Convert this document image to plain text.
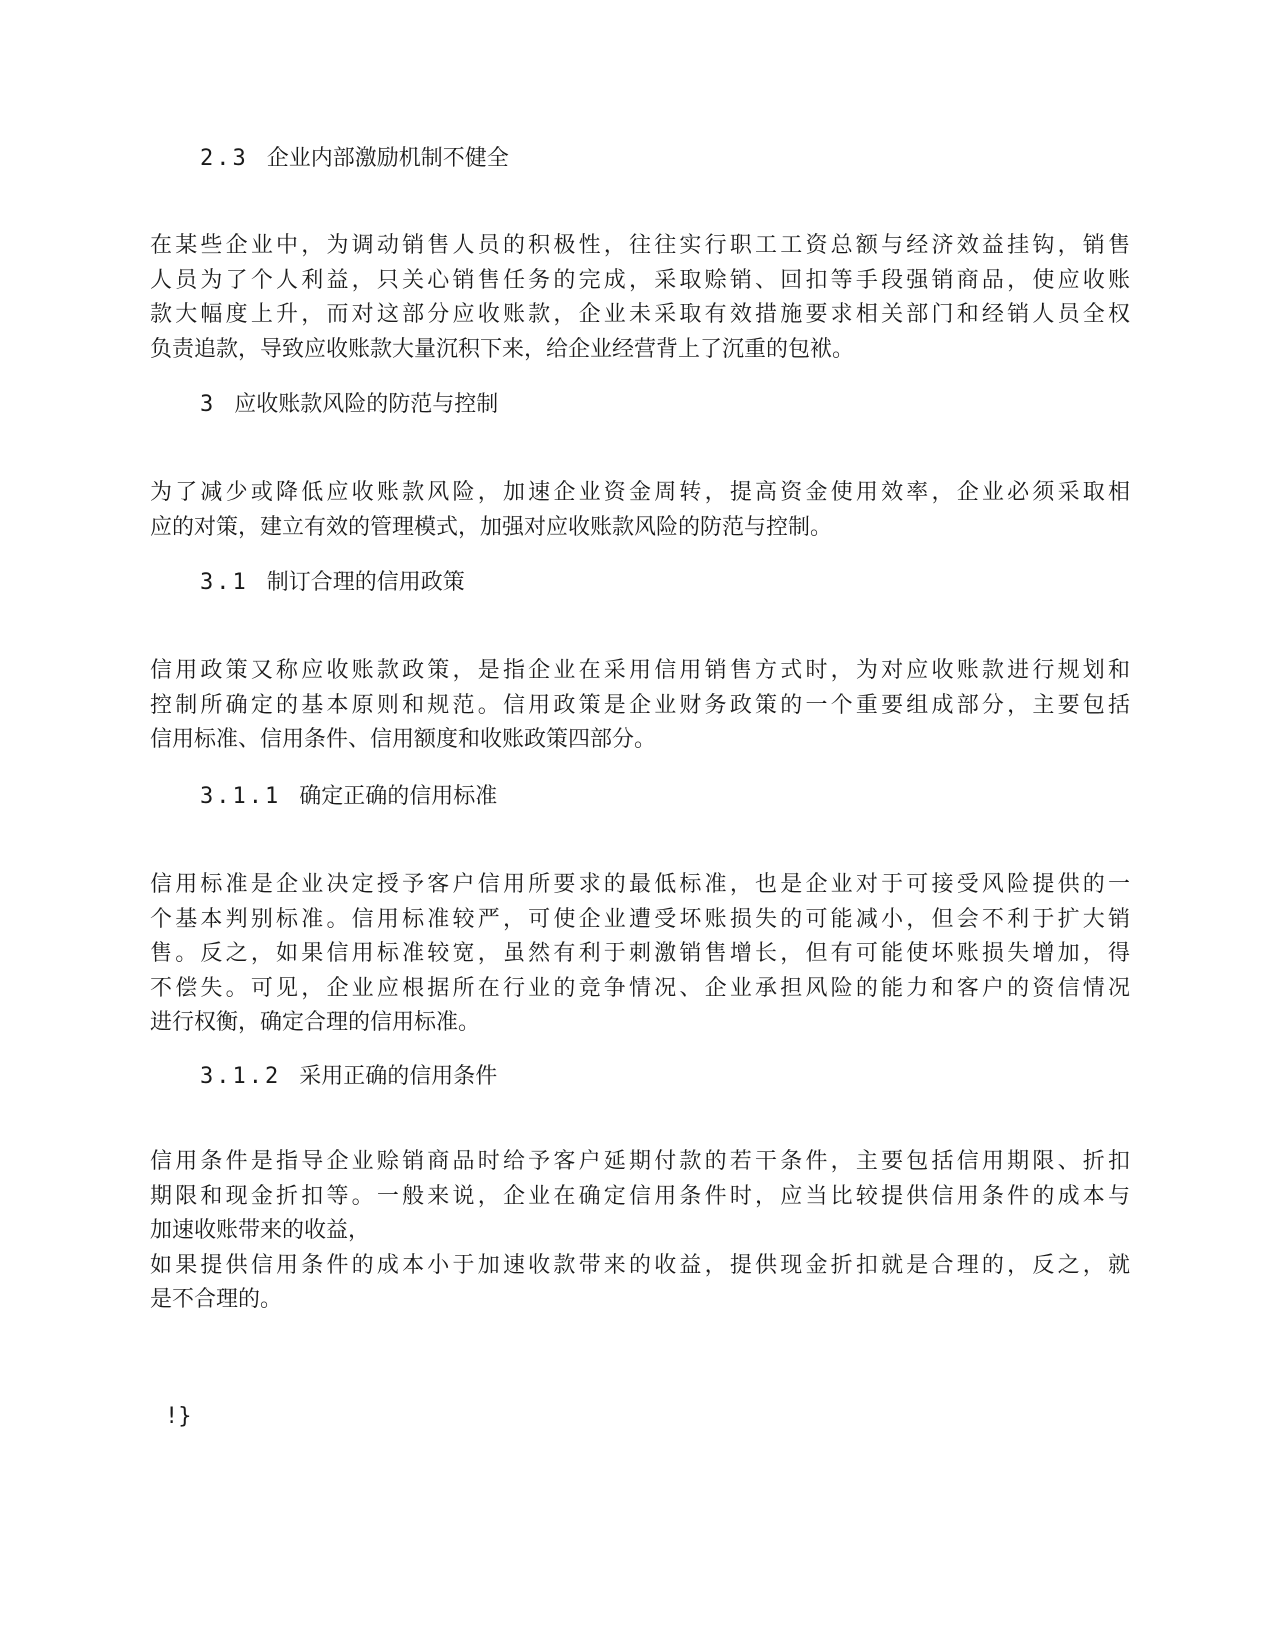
2.3 企业内部激励机制不健全
在某些企业中，为调动销售人员的积极性，往往实行职工工资总额与经济效益挂钩，销售
人员为了个人利益，只关心销售任务的完成，采取赊销、回扣等手段强销商品，使应收账
款大幅度上升，而对这部分应收账款，企业未采取有效措施要求相关部门和经销人员全权
负责追款，导致应收账款大量沉积下来，给企业经营背上了沉重的包袱。
3 应收账款风险的防范与控制
为了减少或降低应收账款风险，加速企业资金周转，提高资金使用效率，企业必须采取相
应的对策，建立有效的管理模式，加强对应收账款风险的防范与控制。
3.1 制订合理的信用政策
信用政策又称应收账款政策，是指企业在采用信用销售方式时，为对应收账款进行规划和
控制所确定的基本原则和规范。信用政策是企业财务政策的一个重要组成部分，主要包括
信用标准、信用条件、信用额度和收账政策四部分。
3.1.1 确定正确的信用标准
信用标准是企业决定授予客户信用所要求的最低标准，也是企业对于可接受风险提供的一
个基本判别标准。信用标准较严，可使企业遭受坏账损失的可能减小，但会不利于扩大销
售。反之，如果信用标准较宽，虽然有利于刺激销售增长，但有可能使坏账损失增加，得
不偿失。可见，企业应根据所在行业的竞争情况、企业承担风险的能力和客户的资信情况
进行权衡，确定合理的信用标准。
3.1.2 采用正确的信用条件
信用条件是指导企业赊销商品时给予客户延期付款的若干条件，主要包括信用期限、折扣
期限和现金折扣等。一般来说，企业在确定信用条件时，应当比较提供信用条件的成本与
加速收账带来的收益，
如果提供信用条件的成本小于加速收款带来的收益，提供现金折扣就是合理的，反之，就
是不合理的。
!}
